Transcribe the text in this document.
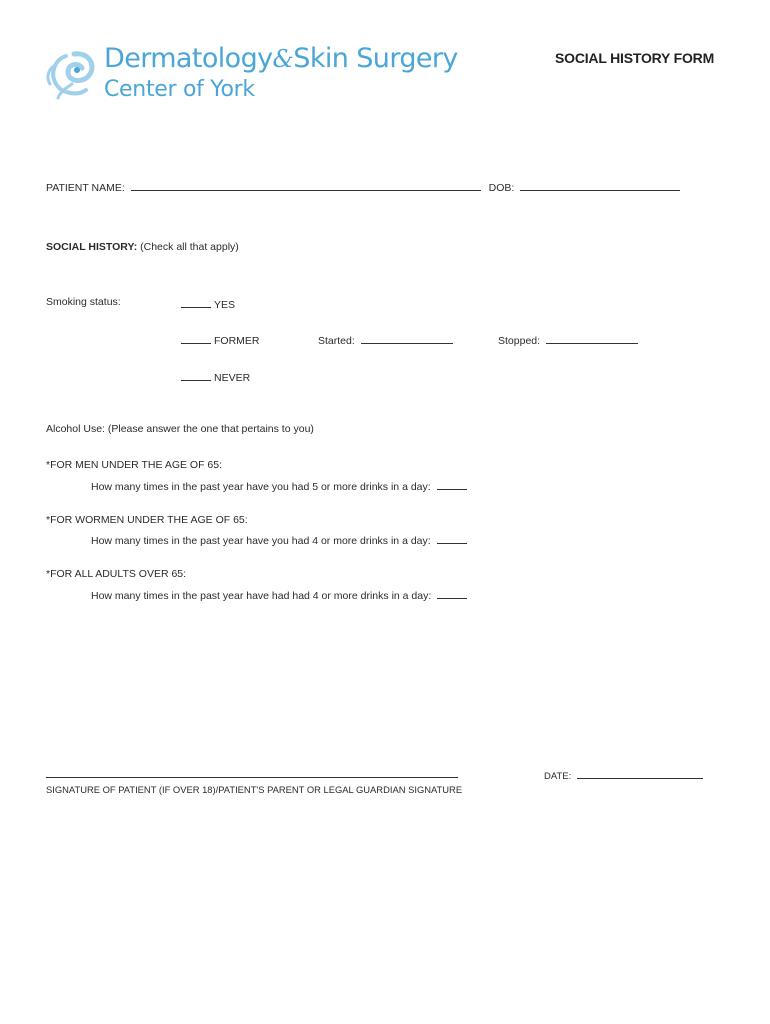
Dermatology&Skin Surgery
Center of York
SOCIAL HISTORY FORM
PATIENT NAME:	DOB:
SOCIAL HISTORY: (Check all that apply)
Smoking status:	YES
FORMER	Started:	Stopped:
NEVER
Alcohol Use: (Please answer the one that pertains to you)
*FOR MEN UNDER THE AGE OF 65:
How many times in the past year have you had 5 or more drinks in a day:
*FOR WORMEN UNDER THE AGE OF 65:
How many times in the past year have you had 4 or more drinks in a day:
*FOR ALL ADULTS OVER 65:
How many times in the past year have had had 4 or more drinks in a day:
SIGNATURE OF PATIENT (IF OVER 18)/PATIENT'S PARENT OR LEGAL GUARDIAN SIGNATURE
DATE:
